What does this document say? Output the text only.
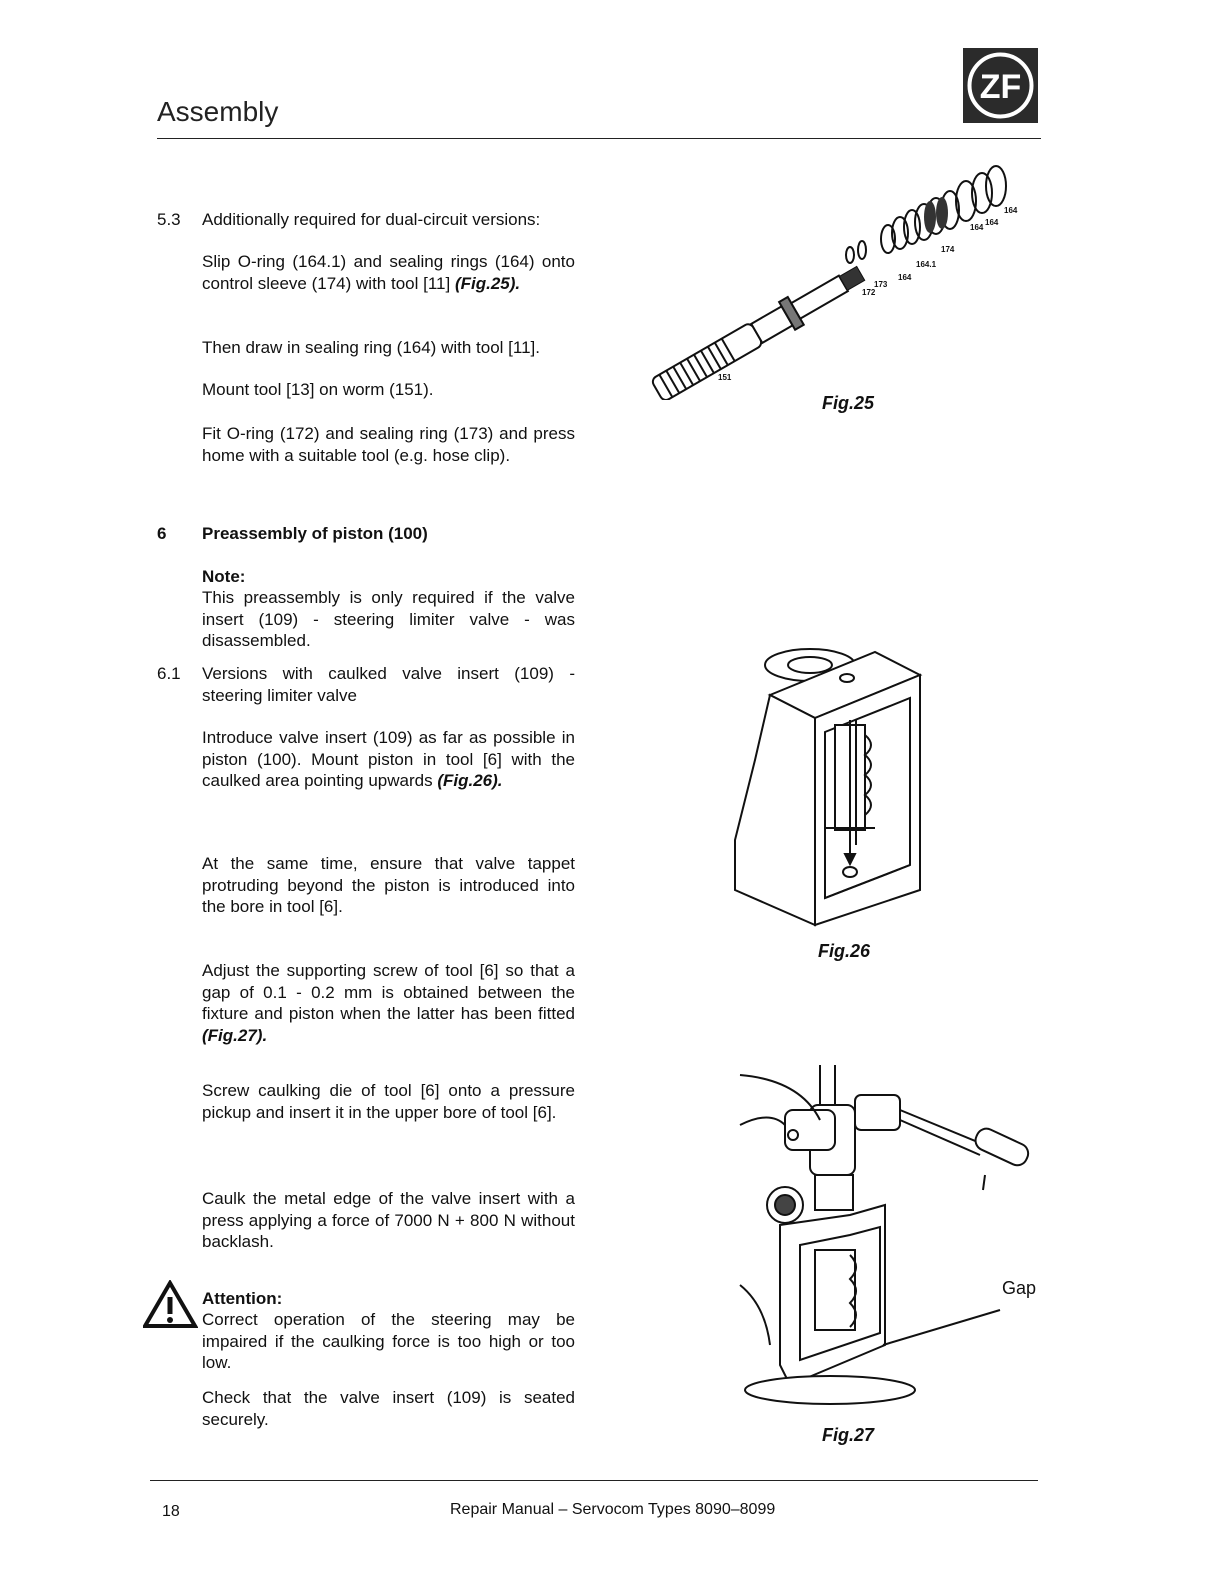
Assembly
ZF
5.3 Additionally required for dual-circuit versions:
Slip O-ring (164.1) and sealing rings (164) onto control sleeve (174) with tool [11] (Fig.25).
Then draw in sealing ring (164) with tool [11].
Mount tool [13] on worm (151).
Fit O-ring (172) and sealing ring (173) and press home with a suitable tool (e.g. hose clip).
6 Preassembly of piston (100)
Note:
This preassembly is only required if the valve insert (109) - steering limiter valve - was disassembled.
6.1 Versions with caulked valve insert (109) - steering limiter valve
Introduce valve insert (109) as far as possible in piston (100). Mount piston in tool [6] with the caulked area pointing upwards (Fig.26).
At the same time, ensure that valve tappet protruding beyond the piston is introduced into the bore in tool [6].
Adjust the supporting screw of tool [6] so that a gap of 0.1 - 0.2 mm is obtained between the fixture and piston when the latter has been fitted (Fig.27).
Screw caulking die of tool [6] onto a pressure pickup and insert it in the upper bore of tool [6].
Caulk the metal edge of the valve insert with a press applying a force of 7000 N + 800 N without backlash.
Attention:
Correct operation of the steering may be impaired if the caulking force is too high or too low.
Check that the valve insert (109) is seated securely.
151
172
173
164
164.1
174
164
164
164
Fig.25
Fig.26
Gap
Fig.27
18	Repair Manual – Servocom Types 8090–8099
